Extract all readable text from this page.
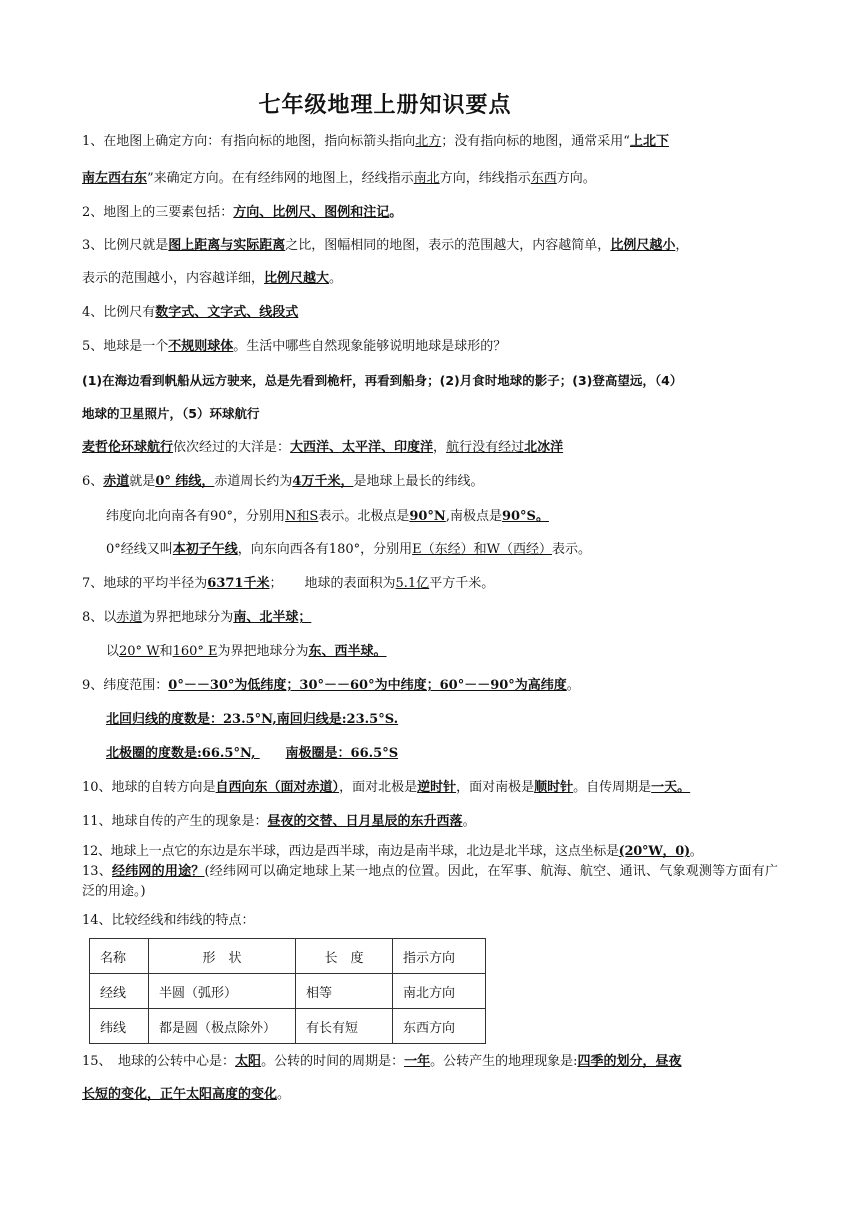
七年级地理上册知识要点
1、在地图上确定方向：有指向标的地图，指向标箭头指向北方；没有指向标的地图，通常采用“上北下
南左西右东”来确定方向。在有经纬网的地图上，经线指示南北方向，纬线指示东西方向。
2、地图上的三要素包括：方向、比例尺、图例和注记。
3、比例尺就是图上距离与实际距离之比，图幅相同的地图，表示的范围越大，内容越简单，比例尺越小，
表示的范围越小，内容越详细，比例尺越大。
4、比例尺有数字式、文字式、线段式
5、地球是一个不规则球体。生活中哪些自然现象能够说明地球是球形的？
(1)在海边看到帆船从远方驶来，总是先看到桅杆，再看到船身；(2)月食时地球的影子；(3)登高望远，（4）
地球的卫星照片，（5）环球航行
麦哲伦环球航行依次经过的大洋是：大西洋、太平洋、印度洋，航行没有经过北冰洋
6、赤道就是0° 纬线，赤道周长约为4万千米，是地球上最长的纬线。
纬度向北向南各有90°，分别用N和S表示。北极点是90°N,南极点是90°S。
0°经线又叫本初子午线，向东向西各有180°，分别用E（东经）和W（西经）表示。
7、地球的平均半径为6371千米； 地球的表面积为5.1亿平方千米。
8、以赤道为界把地球分为南、北半球；
以20° W和160° E为界把地球分为东、西半球。
9、纬度范围：0°－－30°为低纬度；30°－－60°为中纬度；60°－－90°为高纬度。
北回归线的度数是：23.5°N,南回归线是:23.5°S.
北极圈的度数是:66.5°N, 南极圈是：66.5°S
10、地球的自转方向是自西向东（面对赤道），面对北极是逆时针，面对南极是顺时针。自传周期是一天。
11、地球自传的产生的现象是：昼夜的交替、日月星辰的东升西落。
12、地球上一点它的东边是东半球，西边是西半球，南边是南半球，北边是北半球，这点坐标是(20°W，0)。
13、经纬网的用途？(经纬网可以确定地球上某一地点的位置。因此，在军事、航海、航空、通讯、气象观测等方面有广泛的用途。)
14、比较经线和纬线的特点：
名称	形　状	长　度	指示方向
经线	半圆（弧形）	相等	南北方向
纬线	都是圆（极点除外）	有长有短	东西方向
15、　地球的公转中心是：太阳。公转的时间的周期是：一年。公转产生的地理现象是:四季的划分，昼夜
长短的变化，正午太阳高度的变化。
